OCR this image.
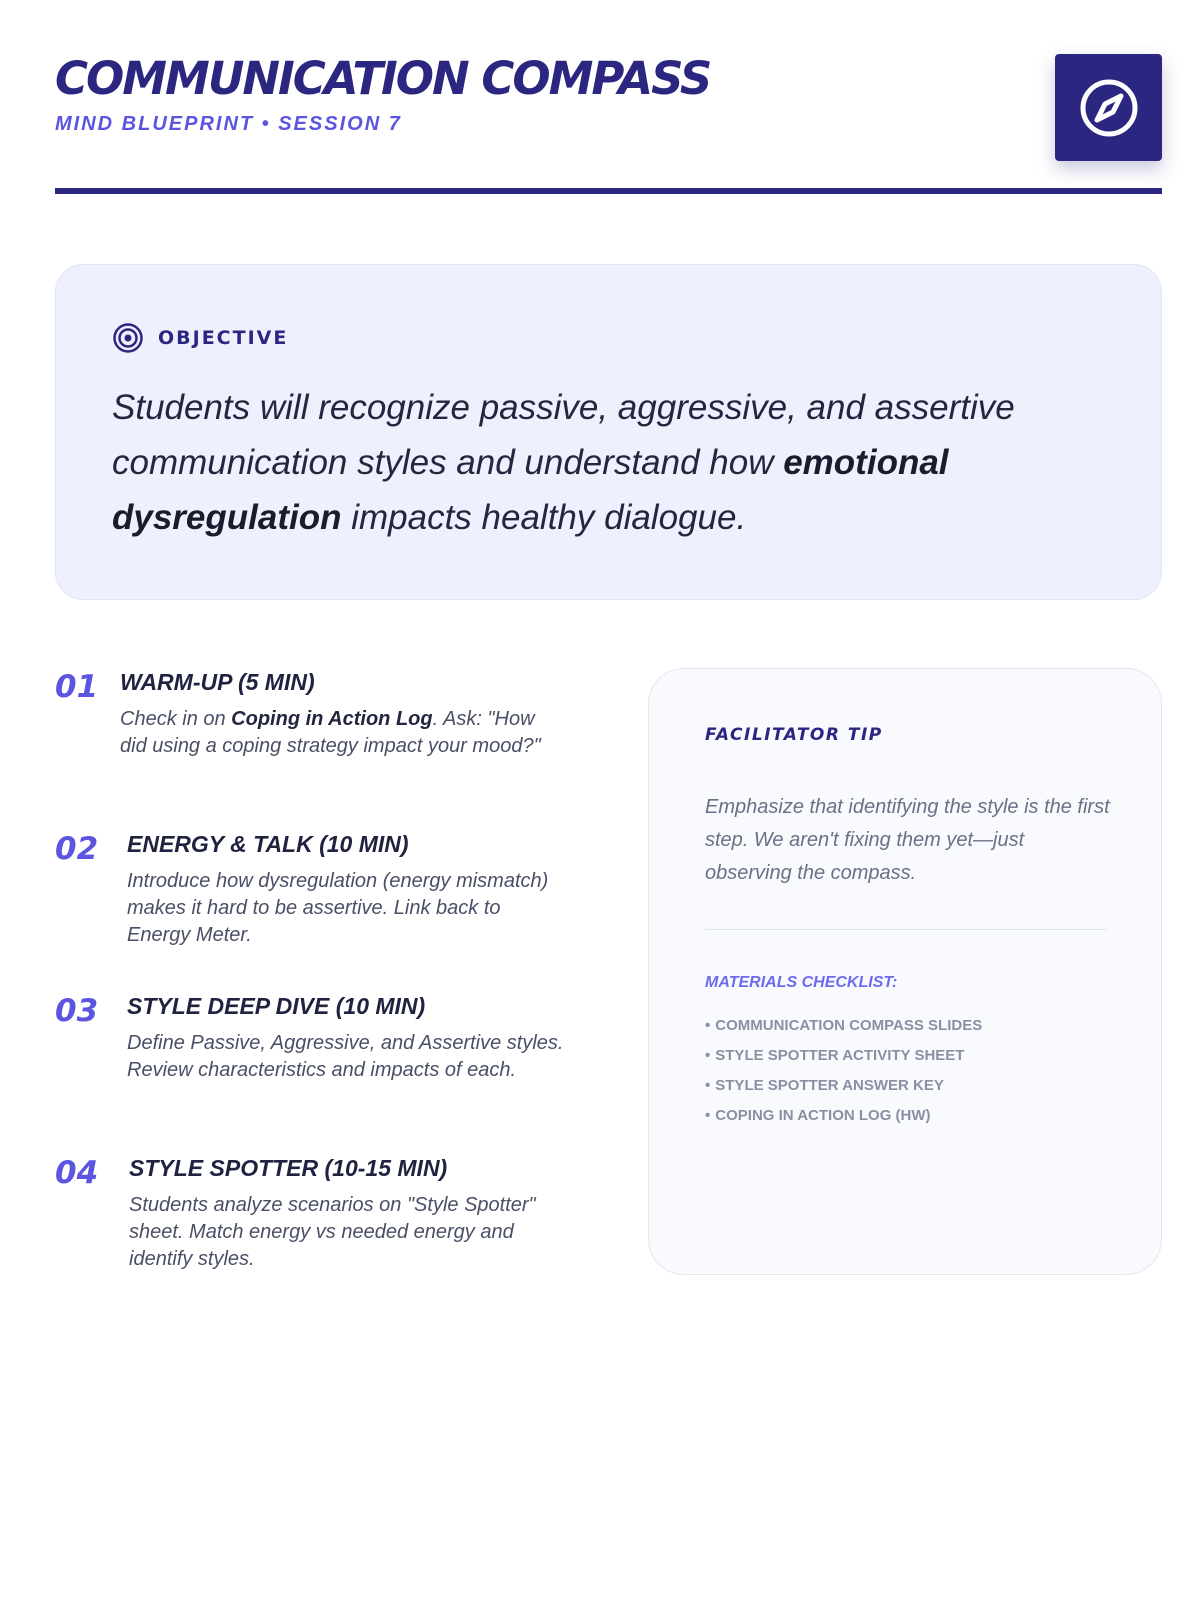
COMMUNICATION COMPASS
MIND BLUEPRINT • SESSION 7
OBJECTIVE

Students will recognize passive, aggressive, and assertive communication styles and understand how emotional dysregulation impacts healthy dialogue.

01 WARM-UP (5 MIN)

Check in on Coping in Action Log. Ask: "How did using a coping strategy impact your mood?"

02 ENERGY & TALK (10 MIN)

Introduce how dysregulation (energy mismatch) makes it hard to be assertive. Link back to Energy Meter.

03 STYLE DEEP DIVE (10 MIN)

Define Passive, Aggressive, and Assertive styles. Review characteristics and impacts of each.

04 STYLE SPOTTER (10-15 MIN)

Students analyze scenarios on "Style Spotter" sheet. Match energy vs needed energy and identify styles.

FACILITATOR TIP

Emphasize that identifying the style is the first step. We aren't fixing them yet—just observing the compass.

MATERIALS CHECKLIST:
• COMMUNICATION COMPASS SLIDES
• STYLE SPOTTER ACTIVITY SHEET
• STYLE SPOTTER ANSWER KEY
• COPING IN ACTION LOG (HW)
